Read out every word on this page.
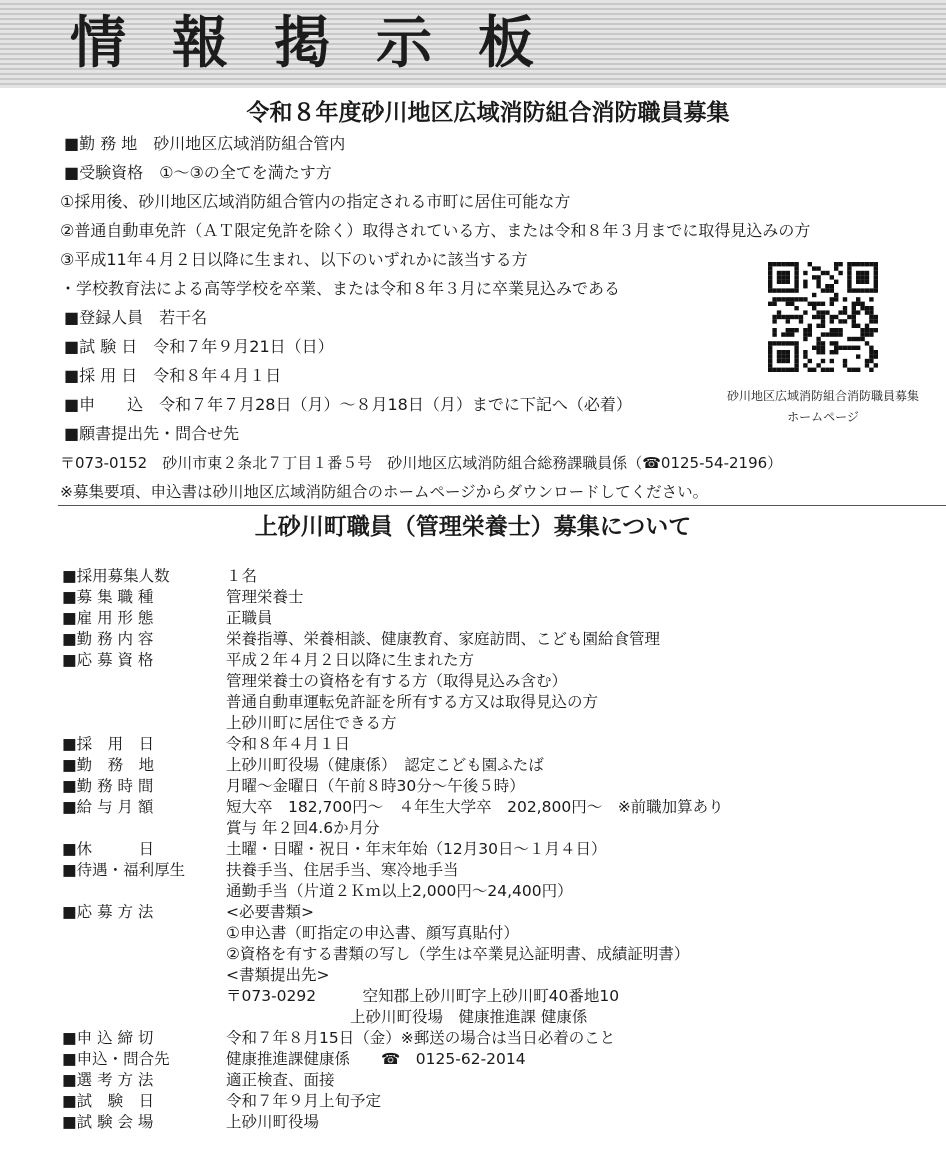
情報掲示板
令和８年度砂川地区広域消防組合消防職員募集
■勤 務 地　砂川地区広域消防組合管内
■受験資格　①～③の全てを満たす方
①採用後、砂川地区広域消防組合管内の指定される市町に居住可能な方
②普通自動車免許（ＡＴ限定免許を除く）取得されている方、または令和８年３月までに取得見込みの方
③平成11年４月２日以降に生まれ、以下のいずれかに該当する方
・学校教育法による高等学校を卒業、または令和８年３月に卒業見込みである
■登録人員　若干名
■試 験 日　令和７年９月21日（日）
■採 用 日　令和８年４月１日
■申　　込　令和７年７月28日（月）～８月18日（月）までに下記へ（必着）
■願書提出先・問合せ先
〒073-0152　砂川市東２条北７丁目１番５号　砂川地区広域消防組合総務課職員係（☎0125-54-2196）
※募集要項、申込書は砂川地区広域消防組合のホームページからダウンロードしてください。
砂川地区広域消防組合消防職員募集
ホームページ
上砂川町職員（管理栄養士）募集について
■採用募集人数	１名
■募 集 職 種	管理栄養士
■雇 用 形 態	正職員
■勤 務 内 容	栄養指導、栄養相談、健康教育、家庭訪問、こども園給食管理
■応 募 資 格	平成２年４月２日以降に生まれた方
管理栄養士の資格を有する方（取得見込み含む）
普通自動車運転免許証を所有する方又は取得見込の方
上砂川町に居住できる方
■採　用　日	令和８年４月１日
■勤　務　地	上砂川町役場（健康係）　認定こども園ふたば
■勤 務 時 間	月曜～金曜日（午前８時30分～午後５時）
■給 与 月 額	短大卒　182,700円～　４年生大学卒　202,800円～　※前職加算あり
賞与 年２回4.6か月分
■休　　　日	土曜・日曜・祝日・年末年始（12月30日～１月４日）
■待遇・福利厚生	扶養手当、住居手当、寒冷地手当
通勤手当（片道２Ｋｍ以上2,000円～24,400円）
■応 募 方 法	<必要書類>
①申込書（町指定の申込書、顔写真貼付）
②資格を有する書類の写し（学生は卒業見込証明書、成績証明書）
<書類提出先>
〒073-0292　　　空知郡上砂川町字上砂川町40番地10
　　　　　　　　上砂川町役場　健康推進課 健康係
■申 込 締 切	令和７年８月15日（金）※郵送の場合は当日必着のこと
■申込・問合先	健康推進課健康係　　☎　0125-62-2014
■選 考 方 法	適正検査、面接
■試　験　日	令和７年９月上旬予定
■試 験 会 場	上砂川町役場
